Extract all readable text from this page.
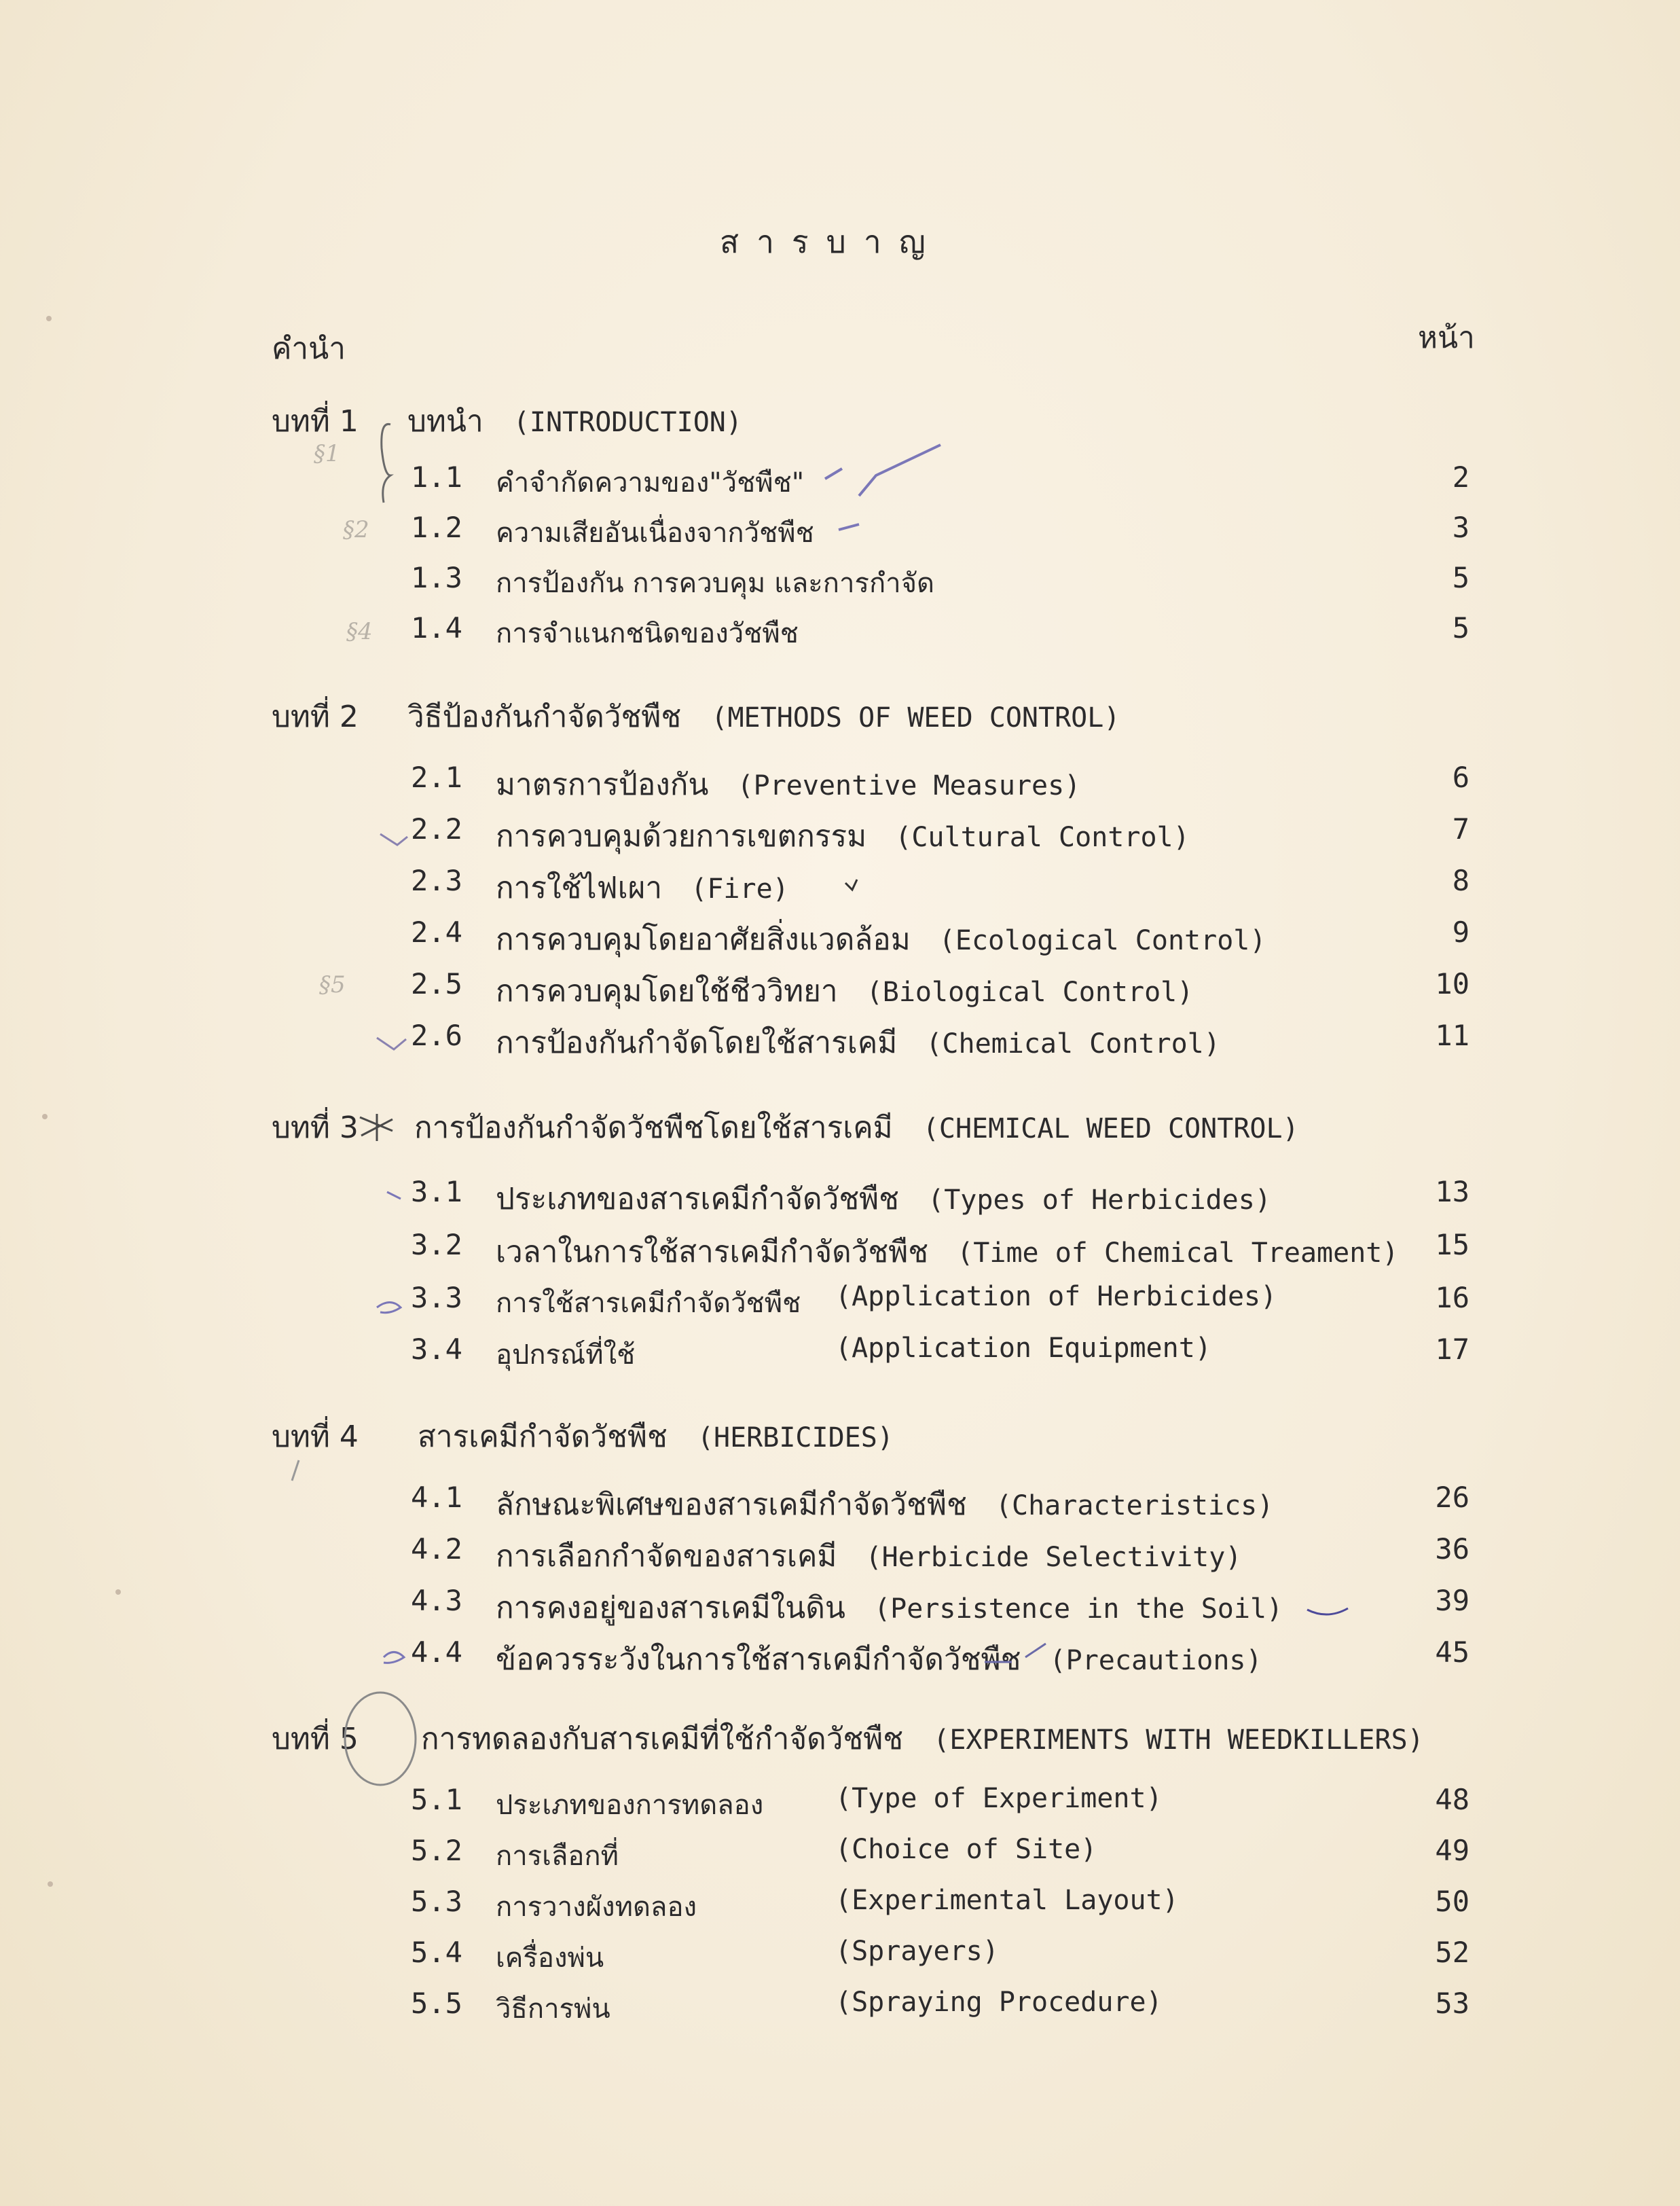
สารบาญ
คำนำ	หน้า
บทที่ 1 บทนำ (INTRODUCTION)
1.1 คำจำกัดความของ"วัชพืช"	2
1.2 ความเสียอันเนื่องจากวัชพืช	3
1.3 การป้องกัน การควบคุม และการกำจัด	5
1.4 การจำแนกชนิดของวัชพืช	5
บทที่ 2 วิธีป้องกันกำจัดวัชพืช (METHODS OF WEED CONTROL)
2.1 มาตรการป้องกัน (Preventive Measures)	6
2.2 การควบคุมด้วยการเขตกรรม (Cultural Control)	7
2.3 การใช้ไฟเผา (Fire)	8
2.4 การควบคุมโดยอาศัยสิ่งแวดล้อม (Ecological Control)	9
2.5 การควบคุมโดยใช้ชีววิทยา (Biological Control)	10
2.6 การป้องกันกำจัดโดยใช้สารเคมี (Chemical Control)	11
บทที่ 3 การป้องกันกำจัดวัชพืชโดยใช้สารเคมี (CHEMICAL WEED CONTROL)
3.1 ประเภทของสารเคมีกำจัดวัชพืช (Types of Herbicides)	13
3.2 เวลาในการใช้สารเคมีกำจัดวัชพืช (Time of Chemical Treament)	15
3.3 การใช้สารเคมีกำจัดวัชพืช (Application of Herbicides)	16
3.4 อุปกรณ์ที่ใช้	(Application Equipment)	17
บทที่ 4 สารเคมีกำจัดวัชพืช (HERBICIDES)
4.1 ลักษณะพิเศษของสารเคมีกำจัดวัชพืช (Characteristics)	26
4.2 การเลือกกำจัดของสารเคมี (Herbicide Selectivity)	36
4.3 การคงอยู่ของสารเคมีในดิน (Persistence in the Soil)	39
4.4 ข้อควรระวังในการใช้สารเคมีกำจัดวัชพืช (Precautions)	45
บทที่ 5 การทดลองกับสารเคมีที่ใช้กำจัดวัชพืช (EXPERIMENTS WITH WEEDKILLERS)
5.1 ประเภทของการทดลอง	(Type of Experiment)	48
5.2 การเลือกที่	(Choice of Site)	49
5.3 การวางผังทดลอง	(Experimental Layout)	50
5.4 เครื่องพ่น	(Sprayers)	52
5.5 วิธีการพ่น	(Spraying Procedure)	53
§1
§2
§4
§5
